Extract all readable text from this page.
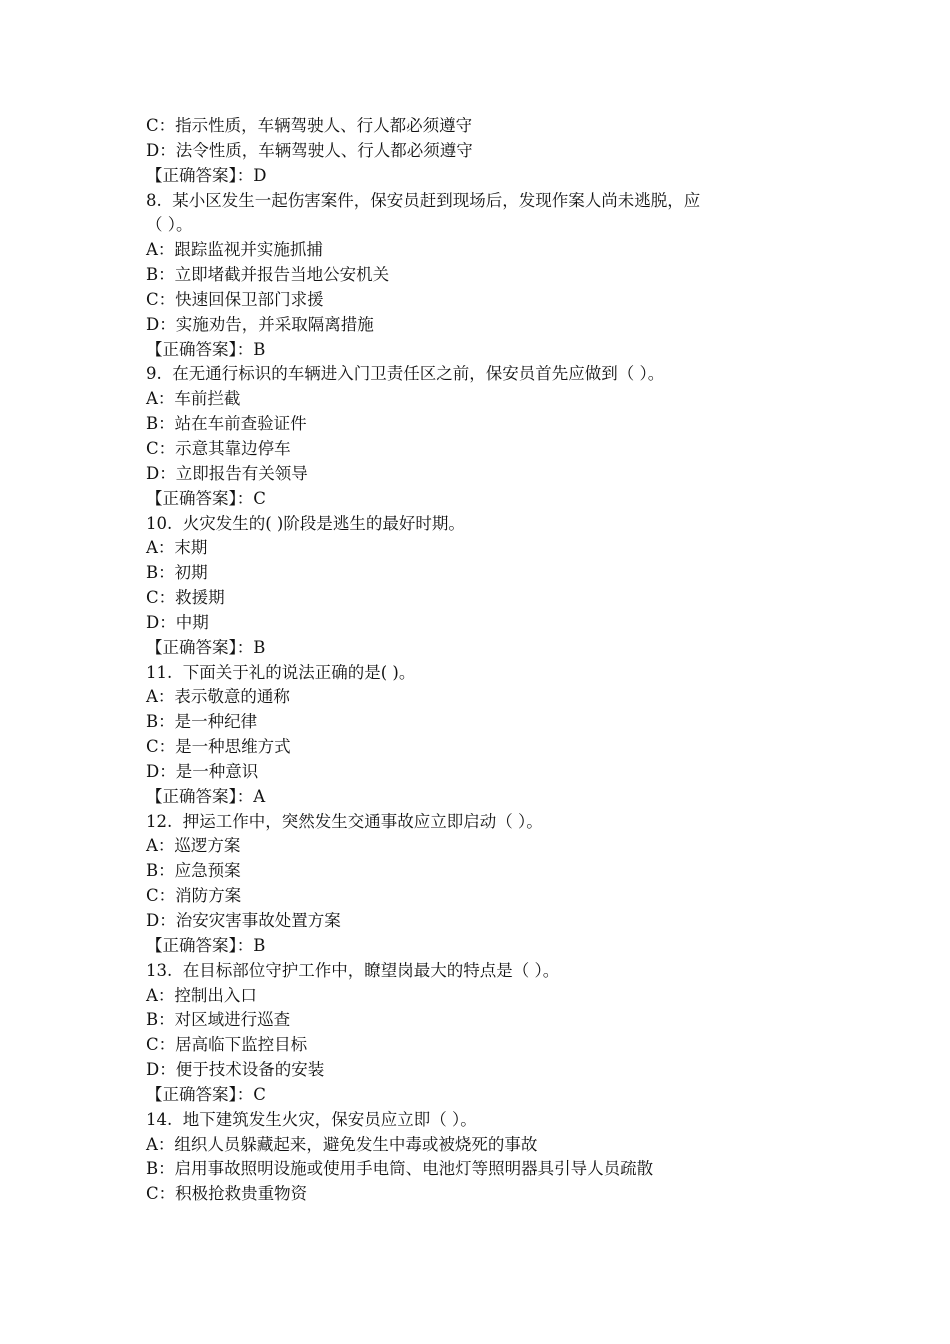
C：指示性质，车辆驾驶人、行人都必须遵守
D：法令性质，车辆驾驶人、行人都必须遵守
【正确答案】：D
8.  某小区发生一起伤害案件，保安员赶到现场后，发现作案人尚未逃脱，应
（ ）。
A：跟踪监视并实施抓捕
B：立即堵截并报告当地公安机关
C：快速回保卫部门求援
D：实施劝告，并采取隔离措施
【正确答案】：B
9.  在无通行标识的车辆进入门卫责任区之前，保安员首先应做到（ ）。
A：车前拦截
B：站在车前查验证件
C：示意其靠边停车
D：立即报告有关领导
【正确答案】：C
10.  火灾发生的( )阶段是逃生的最好时期。
A：末期
B：初期
C：救援期
D：中期
【正确答案】：B
11.  下面关于礼的说法正确的是( )。
A：表示敬意的通称
B：是一种纪律
C：是一种思维方式
D：是一种意识
【正确答案】：A
12.  押运工作中，突然发生交通事故应立即启动（ ）。
A：巡逻方案
B：应急预案
C：消防方案
D：治安灾害事故处置方案
【正确答案】：B
13.  在目标部位守护工作中，瞭望岗最大的特点是（ ）。
A：控制出入口
B：对区域进行巡查
C：居高临下监控目标
D：便于技术设备的安装
【正确答案】：C
14.  地下建筑发生火灾，保安员应立即（ ）。
A：组织人员躲藏起来，避免发生中毒或被烧死的事故
B：启用事故照明设施或使用手电筒、电池灯等照明器具引导人员疏散
C：积极抢救贵重物资
